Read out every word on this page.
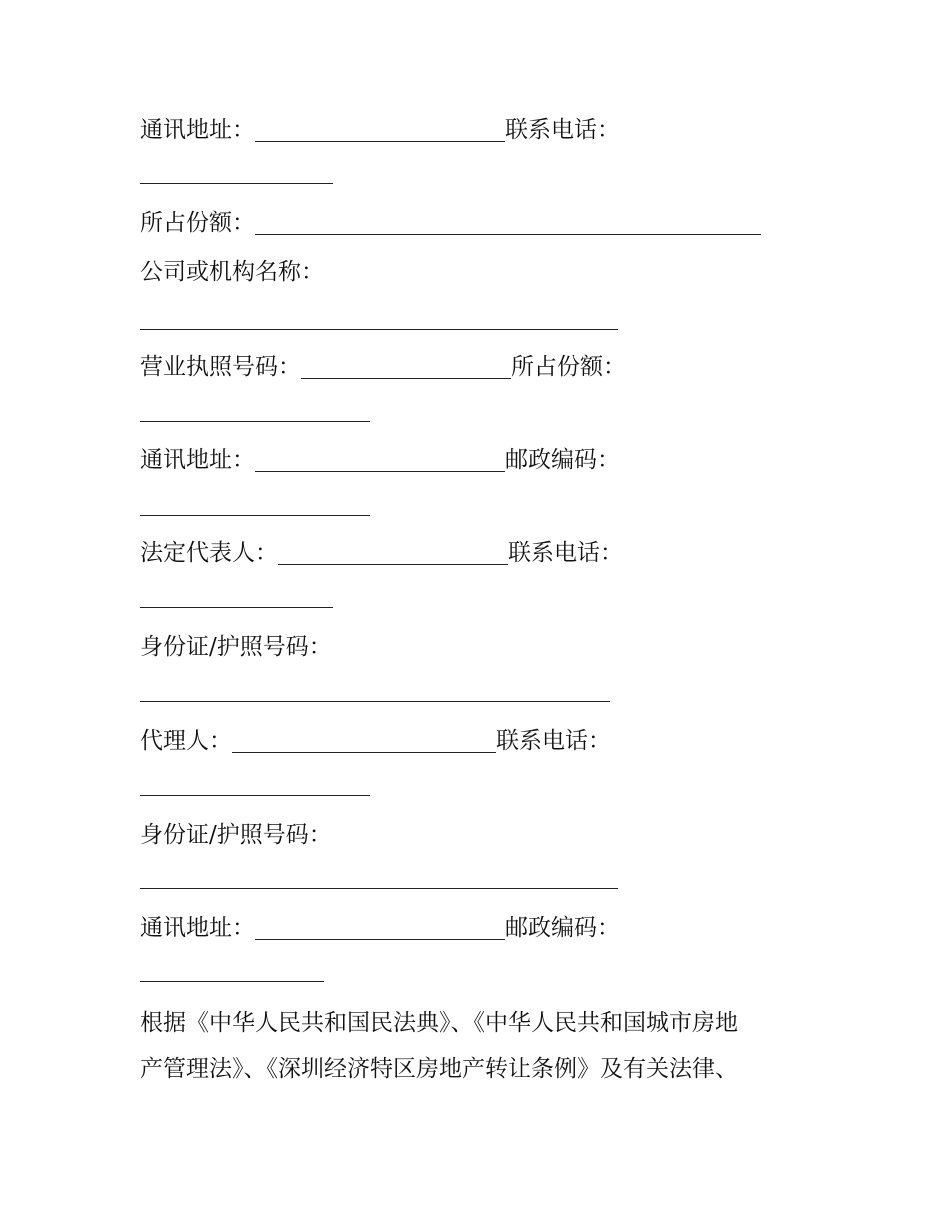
通讯地址：	联系电话：
所占份额：
公司或机构名称：
营业执照号码：	所占份额：
通讯地址：	邮政编码：
法定代表人：	联系电话：
身份证/护照号码：
代理人：	联系电话：
身份证/护照号码：
通讯地址：	邮政编码：
根据《中华人民共和国民法典》、《中华人民共和国城市房地
产管理法》、《深圳经济特区房地产转让条例》及有关法律、
